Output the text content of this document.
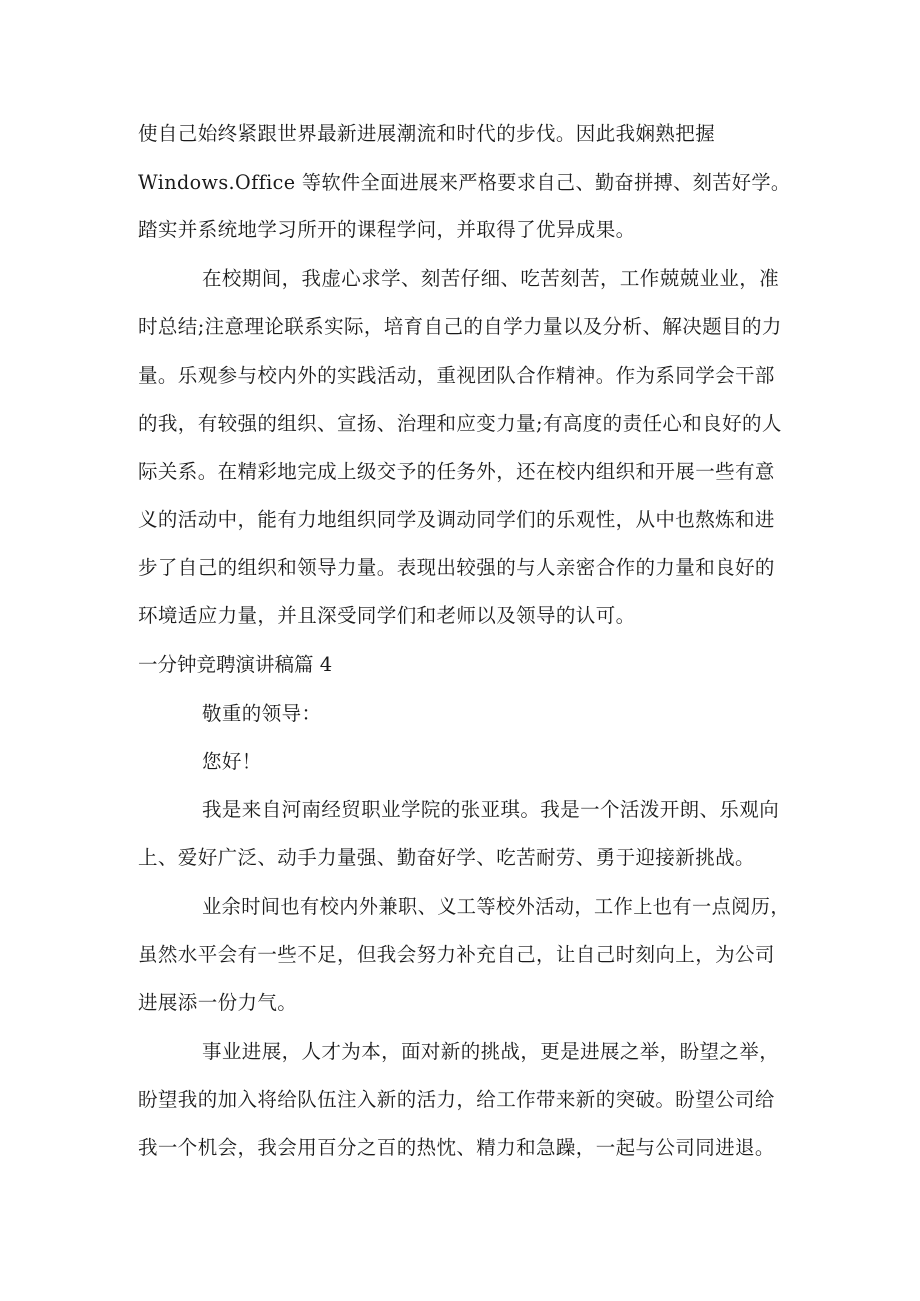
使自己始终紧跟世界最新进展潮流和时代的步伐。因此我娴熟把握
Windows.Office 等软件全面进展来严格要求自己、勤奋拼搏、刻苦好学。
踏实并系统地学习所开的课程学问，并取得了优异成果。
在校期间，我虚心求学、刻苦仔细、吃苦刻苦，工作兢兢业业，准
时总结;注意理论联系实际，培育自己的自学力量以及分析、解决题目的力
量。乐观参与校内外的实践活动，重视团队合作精神。作为系同学会干部
的我，有较强的组织、宣扬、治理和应变力量;有高度的责任心和良好的人
际关系。在精彩地完成上级交予的任务外，还在校内组织和开展一些有意
义的活动中，能有力地组织同学及调动同学们的乐观性，从中也熬炼和进
步了自己的组织和领导力量。表现出较强的与人亲密合作的力量和良好的
环境适应力量，并且深受同学们和老师以及领导的认可。
一分钟竞聘演讲稿篇 4
敬重的领导：
您好！
我是来自河南经贸职业学院的张亚琪。我是一个活泼开朗、乐观向
上、爱好广泛、动手力量强、勤奋好学、吃苦耐劳、勇于迎接新挑战。
业余时间也有校内外兼职、义工等校外活动，工作上也有一点阅历，
虽然水平会有一些不足，但我会努力补充自己，让自己时刻向上，为公司
进展添一份力气。
事业进展，人才为本，面对新的挑战，更是进展之举，盼望之举，
盼望我的加入将给队伍注入新的活力，给工作带来新的突破。盼望公司给
我一个机会，我会用百分之百的热忱、精力和急躁，一起与公司同进退。
